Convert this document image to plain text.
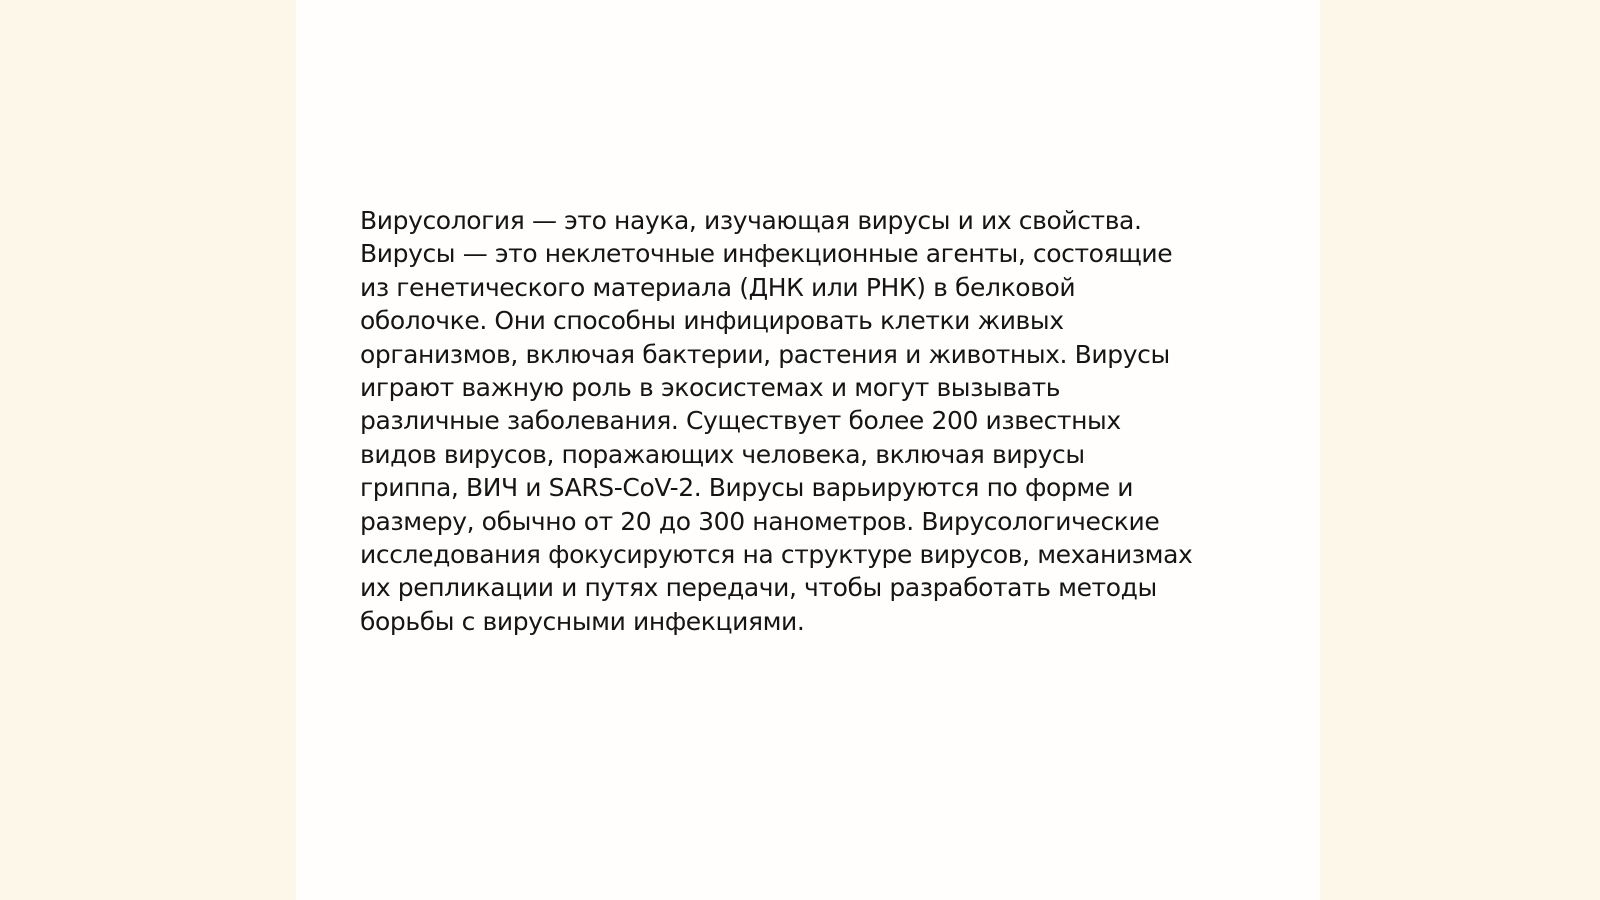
Вирусология — это наука, изучающая вирусы и их свойства.
Вирусы — это неклеточные инфекционные агенты, состоящие
из генетического материала (ДНК или РНК) в белковой
оболочке. Они способны инфицировать клетки живых
организмов, включая бактерии, растения и животных. Вирусы
играют важную роль в экосистемах и могут вызывать
различные заболевания. Существует более 200 известных
видов вирусов, поражающих человека, включая вирусы
гриппа, ВИЧ и SARS-CoV-2. Вирусы варьируются по форме и
размеру, обычно от 20 до 300 нанометров. Вирусологические
исследования фокусируются на структуре вирусов, механизмах
их репликации и путях передачи, чтобы разработать методы
борьбы с вирусными инфекциями.
